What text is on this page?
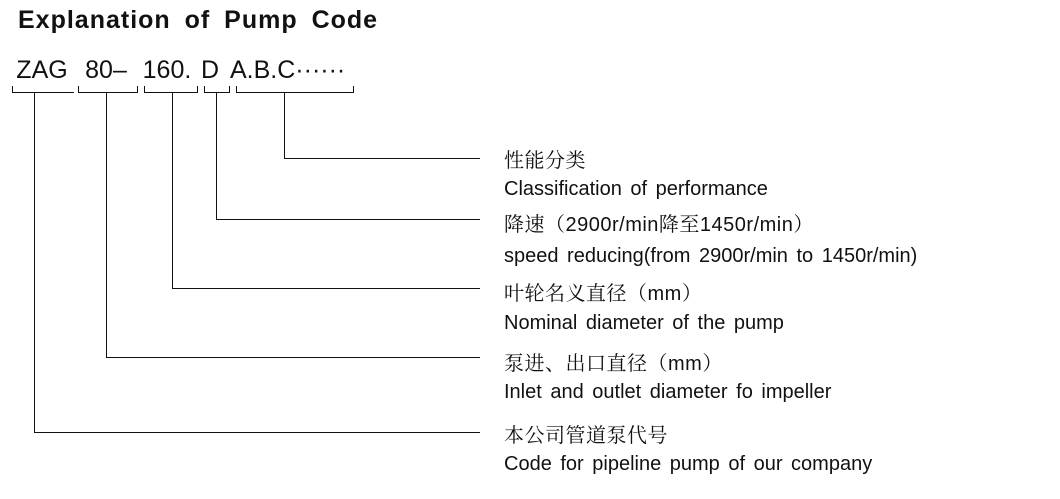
Explanation of Pump Code
ZAG 80– 160. D A.B.C······
性能分类
Classification of performance
降速（2900r/min降至1450r/min）
speed reducing(from 2900r/min to 1450r/min)
叶轮名义直径（mm）
Nominal diameter of the pump
泵进、出口直径（mm）
Inlet and outlet diameter fo impeller
本公司管道泵代号
Code for pipeline pump of our company
